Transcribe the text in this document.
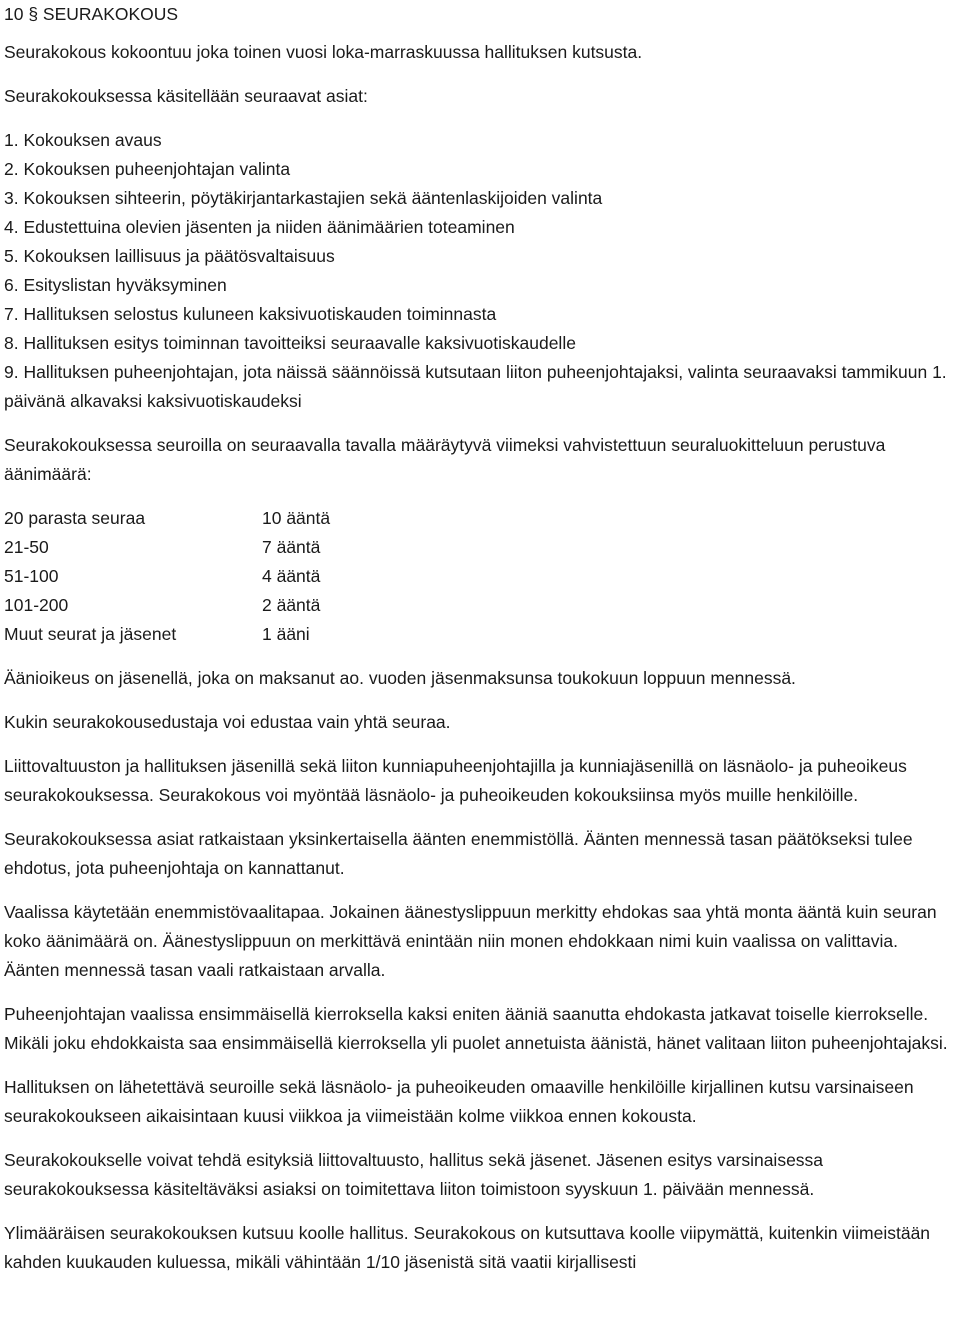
10 § SEURAKOKOUS

Seurakokous kokoontuu joka toinen vuosi loka-marraskuussa hallituksen kutsusta.

Seurakokouksessa käsitellään seuraavat asiat:

1. Kokouksen avaus

2. Kokouksen puheenjohtajan valinta

3. Kokouksen sihteerin, pöytäkirjantarkastajien sekä ääntenlaskijoiden valinta

4. Edustettuina olevien jäsenten ja niiden äänimäärien toteaminen

5. Kokouksen laillisuus ja päätösvaltaisuus

6. Esityslistan hyväksyminen

7. Hallituksen selostus kuluneen kaksivuotiskauden toiminnasta

8. Hallituksen esitys toiminnan tavoitteiksi seuraavalle kaksivuotiskaudelle

9. Hallituksen puheenjohtajan, jota näissä säännöissä kutsutaan liiton puheenjohtajaksi, valinta seuraavaksi tammikuun 1. päivänä alkavaksi kaksivuotiskaudeksi

Seurakokouksessa seuroilla on seuraavalla tavalla määräytyvä viimeksi vahvistettuun seuraluokitteluun perustuva äänimäärä:

20 parasta seuraa	10 ääntä
21-50	7 ääntä
51-100	4 ääntä
101-200	2 ääntä
Muut seurat ja jäsenet	1 ääni

Äänioikeus on jäsenellä, joka on maksanut ao. vuoden jäsenmaksunsa toukokuun loppuun mennessä.

Kukin seurakokousedustaja voi edustaa vain yhtä seuraa.

Liittovaltuuston ja hallituksen jäsenillä sekä liiton kunniapuheenjohtajilla ja kunniajäsenillä on läsnäolo- ja puheoikeus seurakokouksessa. Seurakokous voi myöntää läsnäolo- ja puheoikeuden kokouksiinsa myös muille henkilöille.

Seurakokouksessa asiat ratkaistaan yksinkertaisella äänten enemmistöllä. Äänten mennessä tasan päätökseksi tulee ehdotus, jota puheenjohtaja on kannattanut.

Vaalissa käytetään enemmistövaalitapaa. Jokainen äänestyslippuun merkitty ehdokas saa yhtä monta ääntä kuin seuran koko äänimäärä on. Äänestyslippuun on merkittävä enintään niin monen ehdokkaan nimi kuin vaalissa on valittavia. Äänten mennessä tasan vaali ratkaistaan arvalla.

Puheenjohtajan vaalissa ensimmäisellä kierroksella kaksi eniten ääniä saanutta ehdokasta jatkavat toiselle kierrokselle. Mikäli joku ehdokkaista saa ensimmäisellä kierroksella yli puolet annetuista äänistä, hänet valitaan liiton puheenjohtajaksi.

Hallituksen on lähetettävä seuroille sekä läsnäolo- ja puheoikeuden omaaville henkilöille kirjallinen kutsu varsinaiseen seurakokoukseen aikaisintaan kuusi viikkoa ja viimeistään kolme viikkoa ennen kokousta.

Seurakokoukselle voivat tehdä esityksiä liittovaltuusto, hallitus sekä jäsenet. Jäsenen esitys varsinaisessa seurakokouksessa käsiteltäväksi asiaksi on toimitettava liiton toimistoon syyskuun 1. päivään mennessä.

Ylimääräisen seurakokouksen kutsuu koolle hallitus. Seurakokous on kutsuttava koolle viipymättä, kuitenkin viimeistään kahden kuukauden kuluessa, mikäli vähintään 1/10 jäsenistä sitä vaatii kirjallisesti
